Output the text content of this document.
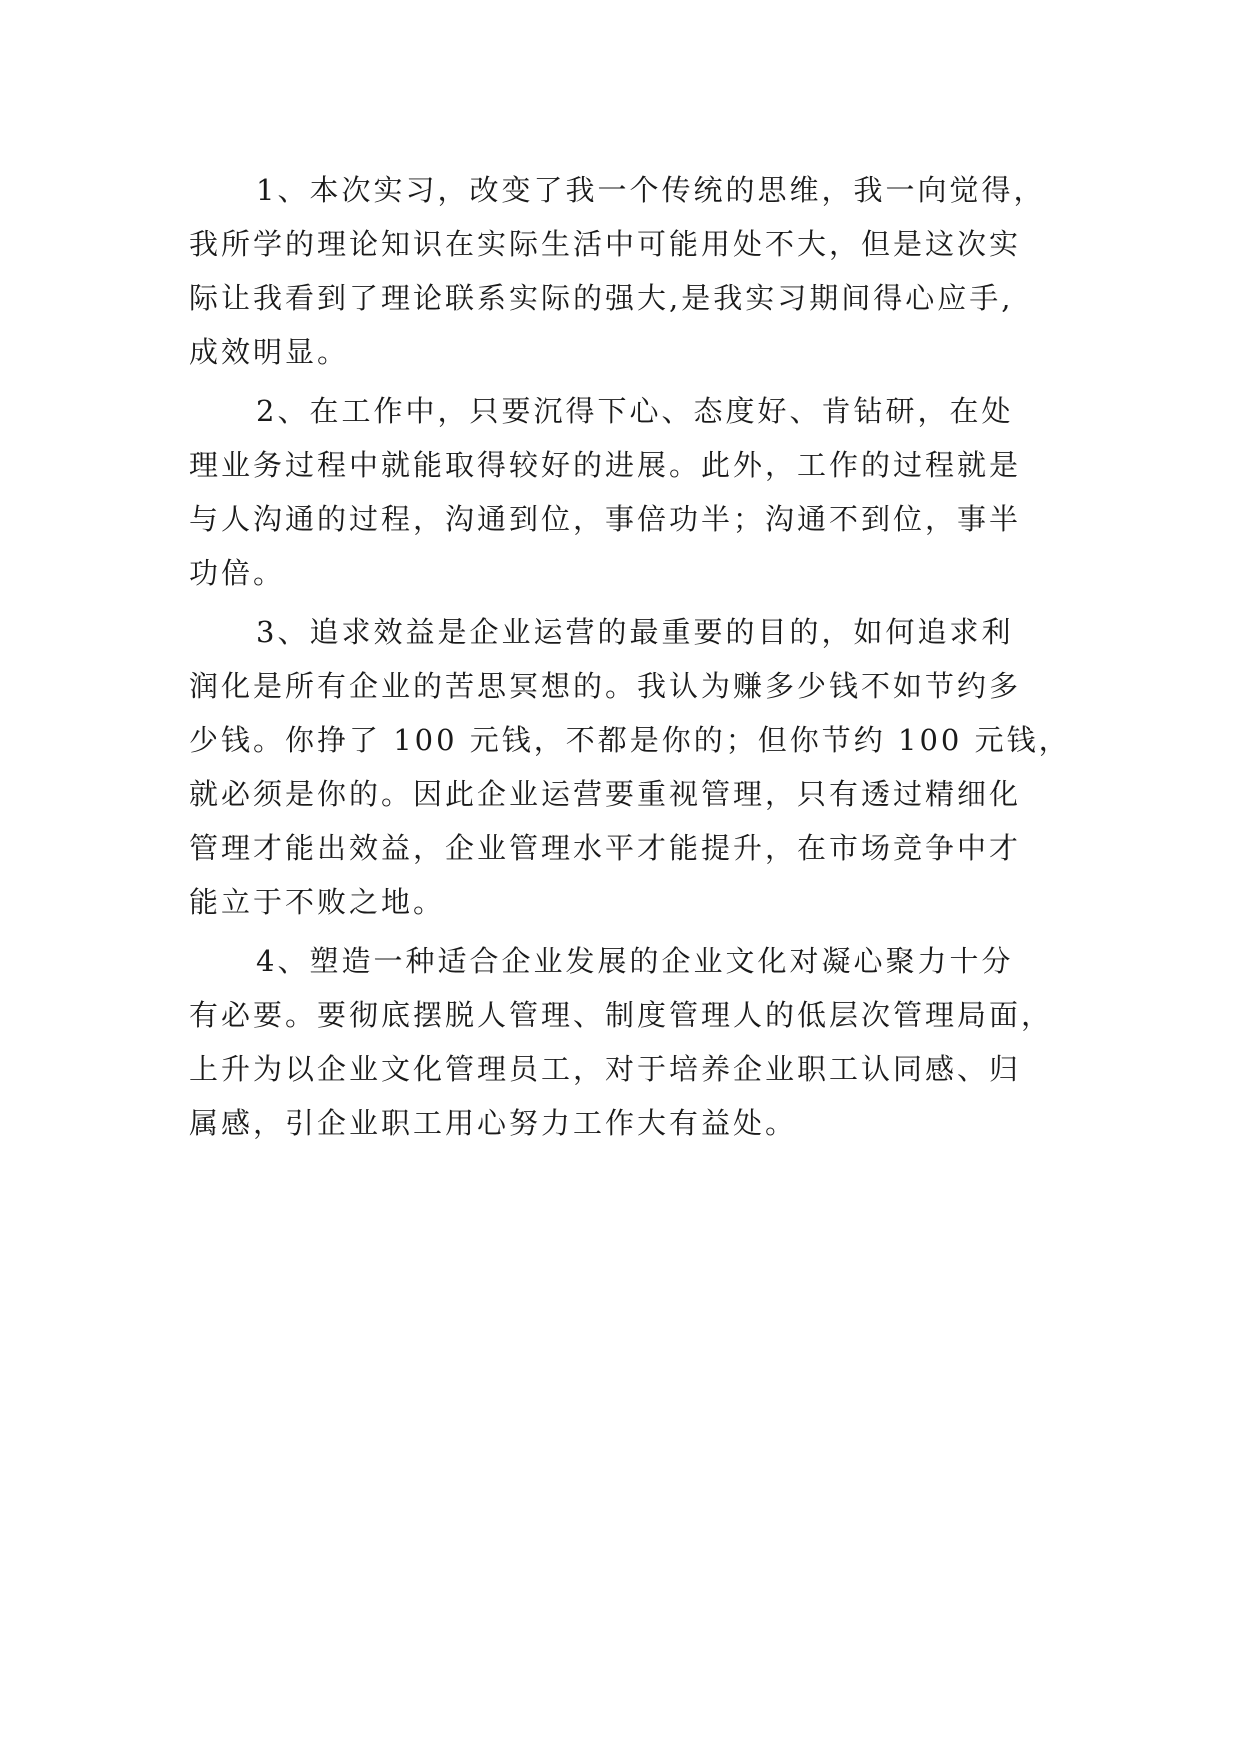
1、本次实习，改变了我一个传统的思维，我一向觉得，
我所学的理论知识在实际生活中可能用处不大，但是这次实
际让我看到了理论联系实际的强大,是我实习期间得心应手,
成效明显。
2、在工作中，只要沉得下心、态度好、肯钻研，在处
理业务过程中就能取得较好的进展。此外，工作的过程就是
与人沟通的过程，沟通到位，事倍功半；沟通不到位，事半
功倍。
3、追求效益是企业运营的最重要的目的，如何追求利
润化是所有企业的苦思冥想的。我认为赚多少钱不如节约多
少钱。你挣了 100 元钱，不都是你的；但你节约 100 元钱，
就必须是你的。因此企业运营要重视管理，只有透过精细化
管理才能出效益，企业管理水平才能提升，在市场竞争中才
能立于不败之地。
4、塑造一种适合企业发展的企业文化对凝心聚力十分
有必要。要彻底摆脱人管理、制度管理人的低层次管理局面，
上升为以企业文化管理员工，对于培养企业职工认同感、归
属感，引企业职工用心努力工作大有益处。
